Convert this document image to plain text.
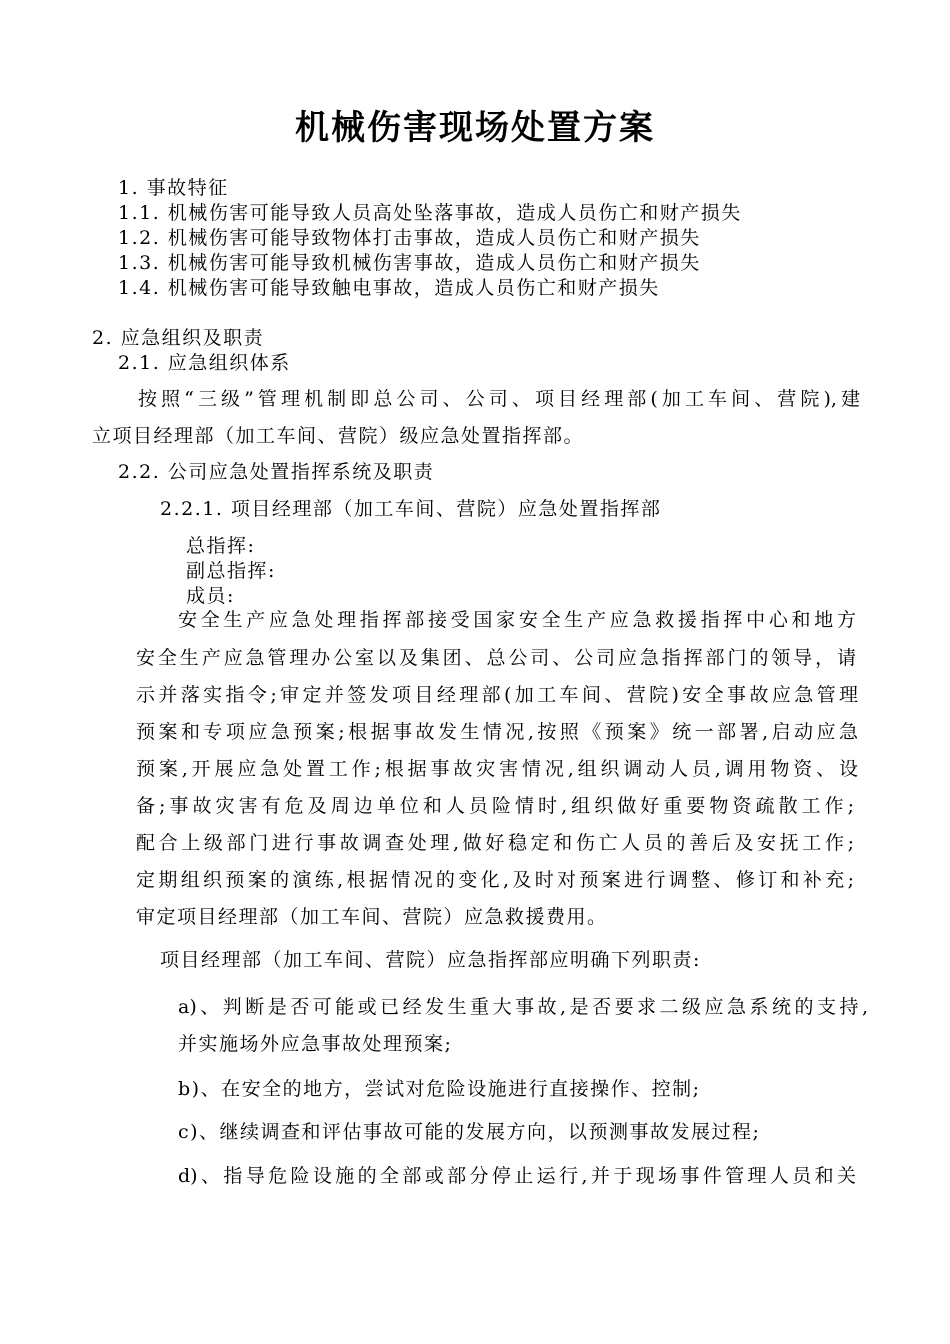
机械伤害现场处置方案
1. 事故特征
1.1. 机械伤害可能导致人员高处坠落事故，造成人员伤亡和财产损失
1.2. 机械伤害可能导致物体打击事故，造成人员伤亡和财产损失
1.3. 机械伤害可能导致机械伤害事故，造成人员伤亡和财产损失
1.4. 机械伤害可能导致触电事故，造成人员伤亡和财产损失
2. 应急组织及职责
2.1. 应急组织体系
按照“三级”管理机制即总公司、公司、项目经理部(加工车间、营院),建
立项目经理部（加工车间、营院）级应急处置指挥部。
2.2. 公司应急处置指挥系统及职责
2.2.1. 项目经理部（加工车间、营院）应急处置指挥部
总指挥:
副总指挥:
成员:
安全生产应急处理指挥部接受国家安全生产应急救援指挥中心和地方
安全生产应急管理办公室以及集团、总公司、公司应急指挥部门的领导，请
示并落实指令;审定并签发项目经理部(加工车间、营院)安全事故应急管理
预案和专项应急预案;根据事故发生情况,按照《预案》统一部署,启动应急
预案,开展应急处置工作;根据事故灾害情况,组织调动人员,调用物资、设
备;事故灾害有危及周边单位和人员险情时,组织做好重要物资疏散工作;
配合上级部门进行事故调查处理,做好稳定和伤亡人员的善后及安抚工作;
定期组织预案的演练,根据情况的变化,及时对预案进行调整、修订和补充;
审定项目经理部（加工车间、营院）应急救援费用。
项目经理部（加工车间、营院）应急指挥部应明确下列职责:
a)、判断是否可能或已经发生重大事故,是否要求二级应急系统的支持,
并实施场外应急事故处理预案;
b)、在安全的地方，尝试对危险设施进行直接操作、控制;
c)、继续调查和评估事故可能的发展方向，以预测事故发展过程;
d)、指导危险设施的全部或部分停止运行,并于现场事件管理人员和关
